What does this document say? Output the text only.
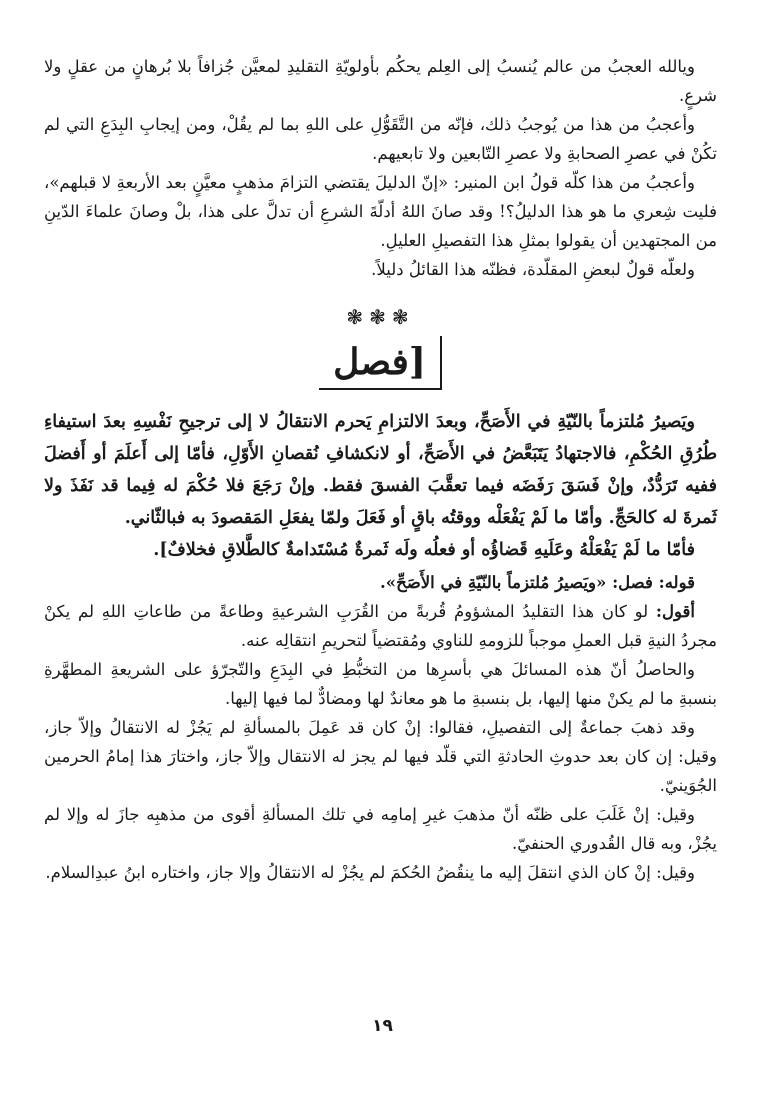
ويالله العجبُ من عالم يُنسبُ إلى العِلم يحكُم بأولويّةِ التقليدِ لمعيَّن جُزافاً بلا بُرهانٍ من عقلٍ ولا شرعٍ.

وأعجبُ من هذا من يُوجبُ ذلك، فإنّه من التَّقَوُّلِ على اللهِ بما لم يقُلْ، ومن إيجابِ البِدَعِ التي لم تكُنْ في عصرِ الصحابةِ ولا عصرِ التّابعين ولا تابعيهم.

وأعجبُ من هذا كلّه قولُ ابن المنير: «إنّ الدليلَ يقتضي التزامَ مذهبٍ معيَّنٍ بعد الأربعةِ لا قبلهم»، فليت شِعري ما هو هذا الدليلُ؟! وقد صانَ اللهُ أدلّةَ الشرعِ أن تدلَّ على هذا، بلْ وصانَ علماءَ الدّينِ من المجتهدين أن يقولوا بمثلِ هذا التفصيلِ العليلِ.

ولعلّه قولٌ لبعضِ المقلّدة، فظنّه هذا القائلُ دليلاً.

❃❃❃
[فصل

ويَصيرُ مُلتزماً بالنّيّةِ في الأَصَحِّ، وبعدَ الالتزامِ يَحرم الانتقالُ لا إلى ترجيحِ نَفْسِهِ بعدَ استيفاءِ طُرُقِ الحُكْمِ، فالاجتهادُ يَتَبَعَّضُ في الأَصَحِّ، أو لانكشافِ نُقصانِ الأَوّلِ، فأمّا إلى أَعلَمَ أو أَفضلَ ففيه تَرَدُّدٌ، وإنْ فَسَقَ رَفَضَه فيما تعقَّبَ الفسقَ فقط. وإنْ رَجَعَ فلا حُكْمَ له فِيما قد نَفَذَ ولا ثَمرةَ له كالحَجِّ. وأمّا ما لَمْ يَفْعَلْه ووقتُه باقٍ أو فَعَلَ ولمّا يفعَلِ المَقصودَ به فبالثّاني.

فأمّا ما لَمْ يَفْعَلْهُ وعَلَيهِ قَضاؤُه أو فعلُه ولَه ثَمرةٌ مُسْتَدامةٌ كالطَّلاقِ فخلافٌ].

قوله: فصل: «ويَصيرُ مُلتزماً بالنّيّةِ في الأَصَحِّ».

أقول: لو كان هذا التقليدُ المشؤومُ قُربةً من القُرَبِ الشرعيةِ وطاعةً من طاعاتِ اللهِ لم يكنْ مجردُ النيةِ قبل العملِ موجباً للزومهِ للناوي ومُقتضياً لتحريمِ انتقالِه عنه.

والحاصلُ أنّ هذه المسائلَ هي بأسرِها من التخبُّطِ في البِدَعِ والتّجرّؤ على الشريعةِ المطهَّرةِ بنسبةِ ما لم يكنْ منها إليها، بل بنسبةِ ما هو معاندٌ لها ومضادٌّ لما فيها إليها.

وقد ذهبَ جماعةٌ إلى التفصيلِ، فقالوا: إنْ كان قد عَمِلَ بالمسألةِ لم يَجُزْ له الانتقالُ وإلاّ جاز، وقيل: إن كان بعد حدوثِ الحادثةِ التي قلّد فيها لم يجز له الانتقال وإلاّ جاز، واختارَ هذا إمامُ الحرمين الجُوَينيّ.

وقيل: إنْ غَلَبَ على ظنّه أنّ مذهبَ غيرِ إمامِه في تلك المسألةِ أقوى من مذهبِه جازَ له وإلا لم يجُزْ، وبه قال القُدوري الحنفيّ.

وقيل: إنْ كان الذي انتقلَ إليه ما ينقُضُ الحُكمَ لم يجُزْ له الانتقالُ وإلا جاز، واختاره ابنُ عبدِالسلام.

١٩
